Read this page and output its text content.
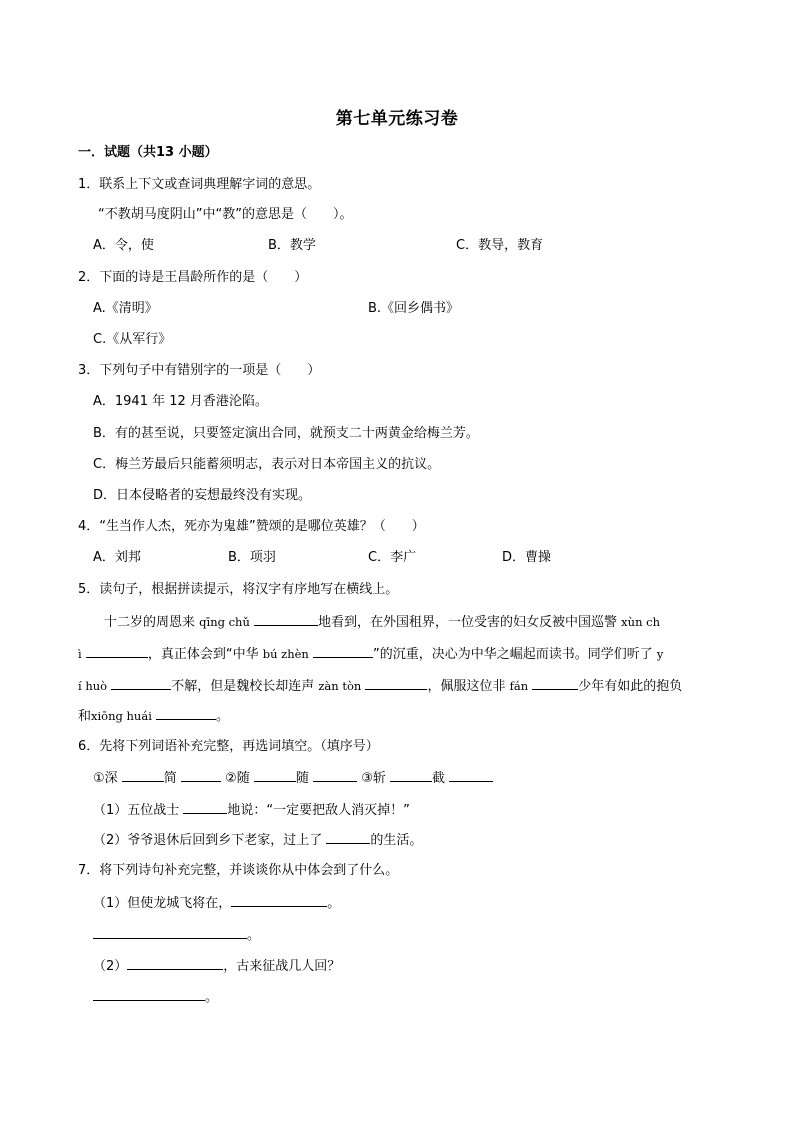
第七单元练习卷
一．试题（共13 小题）
1．联系上下文或查词典理解字词的意思。
“不教胡马度阴山”中“教”的意思是（　　）。
A．令，使	B．教学	C．教导，教育
2．下面的诗是王昌龄所作的是（　　）
A.《清明》	B.《回乡偶书》
C.《从军行》
3．下列句子中有错别字的一项是（　　）
A．1941 年 12 月香港沦陷。
B．有的甚至说，只要签定演出合同，就预支二十两黄金给梅兰芳。
C．梅兰芳最后只能蓄须明志，表示对日本帝国主义的抗议。
D．日本侵略者的妄想最终没有实现。
4．“生当作人杰，死亦为鬼雄”赞颂的是哪位英雄？（　　）
A．刘邦	B．项羽	C．李广	D．曹操
5．读句子，根据拼读提示，将汉字有序地写在横线上。
十二岁的周恩来 qīng chǔ	地看到，在外国租界，一位受害的妇女反被中国巡警 xùn ch
ì	，真正体会到“中华 bú zhèn	”的沉重，决心为中华之崛起而读书。同学们听了 y
í huò	不解，但是魏校长却连声 zàn tòn	，佩服这位非 fán	少年有如此的抱负
和xiōng huái	。
6．先将下列词语补充完整，再选词填空。（填序号）
①深	简	②随	随	③斩	截
（1）五位战士	地说：“一定要把敌人消灭掉！”
（2）爷爷退休后回到乡下老家，过上了	的生活。
7．将下列诗句补充完整，并谈谈你从中体会到了什么。
（1）但使龙城飞将在，	。
。
（2）	，古来征战几人回？
。
